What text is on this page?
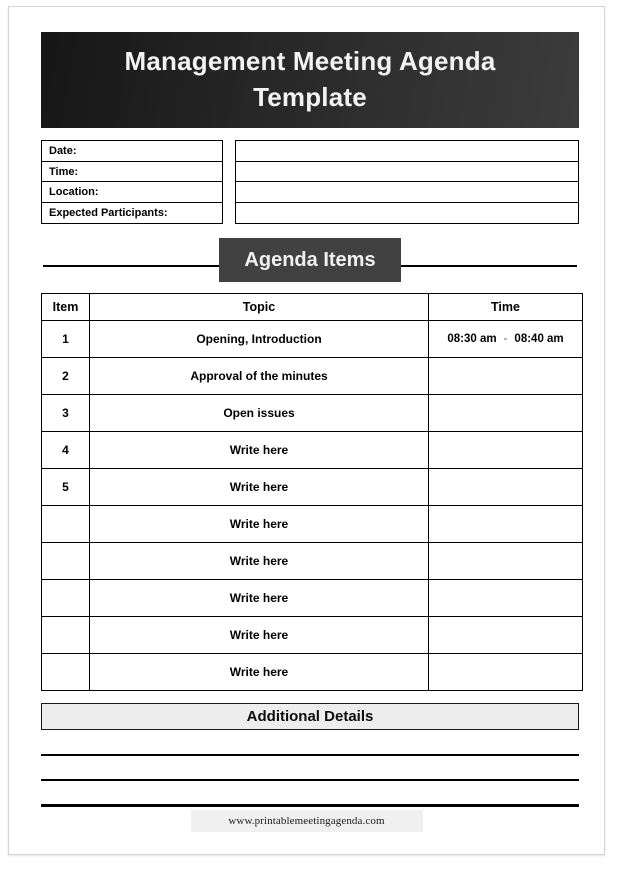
Management Meeting Agenda
Template
Date:
Time:
Location:
Expected Participants:
Agenda Items
Item	Topic	Time
1	Opening, Introduction	08:30 am - 08:40 am

2	Approval of the minutes	
3	Open issues	
4	Write here	
5	Write here	
	Write here	
	Write here	
	Write here	
	Write here	
	Write here	
Additional Details
www.printablemeetingagenda.com
